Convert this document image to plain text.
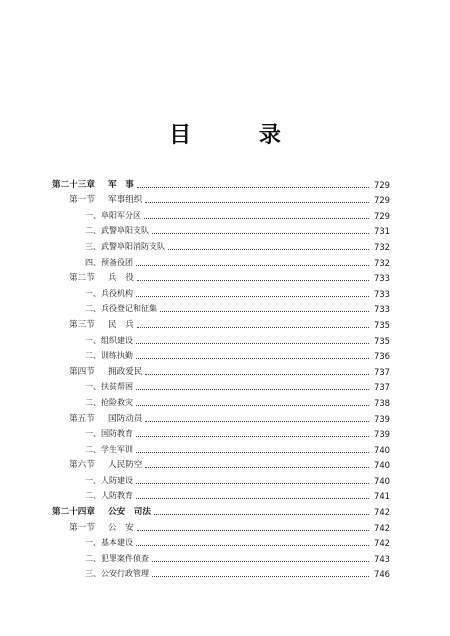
目 录
第二十三章	军　事	729
第一节	军事组织	729
一、阜阳军分区	729
二、武警阜阳支队	731
三、武警阜阳消防支队	732
四、预备役团	732
第二节	兵　役	733
一、兵役机构	733
二、兵役登记和征集	733
第三节	民　兵	735
一、组织建设	735
二、训练执勤	736
第四节	拥政爱民	737
一、扶贫帮困	737
二、抢险救灾	738
第五节	国防动员	739
一、国防教育	739
二、学生军训	740
第六节	人民防空	740
一、人防建设	740
二、人防教育	741
第二十四章	公安　司法	742
第一节	公　安	742
一、基本建设	742
二、犯罪案件侦查	743
三、公安行政管理	746
